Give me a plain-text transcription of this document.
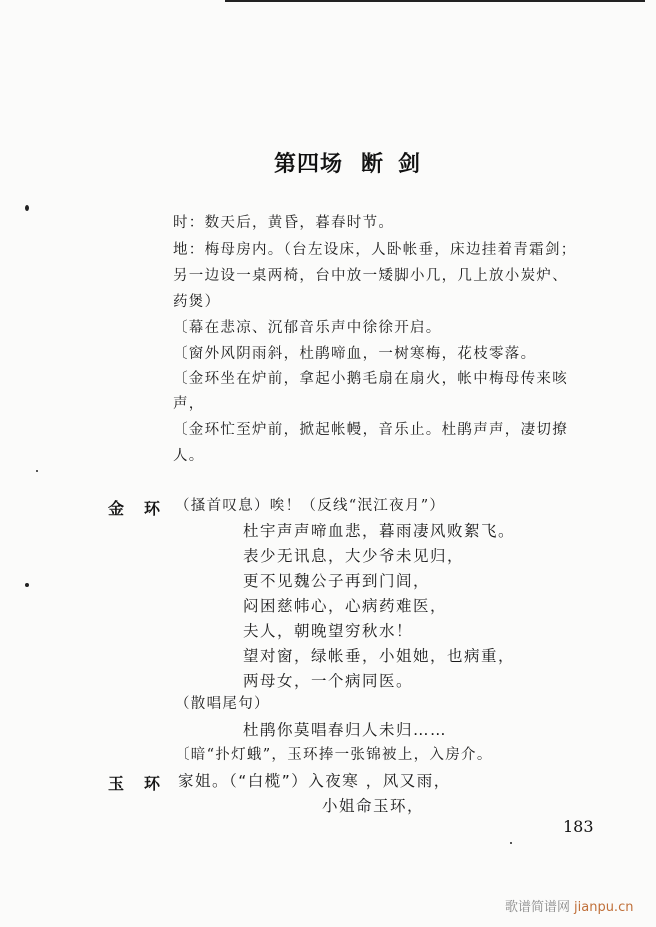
第四场 断 剑
时：数天后，黄昏，暮春时节。
地：梅母房内。（台左设床，人卧帐垂，床边挂着青霜剑；
另一边设一桌两椅，台中放一矮脚小几，几上放小炭炉、
药煲）
〔幕在悲凉、沉郁音乐声中徐徐开启。
〔窗外风阴雨斜，杜鹃啼血，一树寒梅，花枝零落。
〔金环坐在炉前，拿起小鹅毛扇在扇火，帐中梅母传来咳
声，
〔金环忙至炉前，掀起帐幔，音乐止。杜鹃声声，凄切撩
人。
金 环 （搔首叹息）唉！（反线“泯江夜月”）
杜宇声声啼血悲，暮雨凄风败絮飞。
表少无讯息，大少爷未见归，
更不见魏公子再到门闾，
闷困慈帏心，心病药难医，
夫人，朝晚望穷秋水！
望对窗，绿帐垂，小姐她，也病重，
两母女，一个病同医。
（散唱尾句）
杜鹃你莫唱春归人未归……
〔暗“扑灯蛾”，玉环捧一张锦被上，入房介。
玉 环 家姐。（“白榄”）入夜寒 ，风又雨，
小姐命玉环，
183
歌谱简谱网 jianpu.cn
